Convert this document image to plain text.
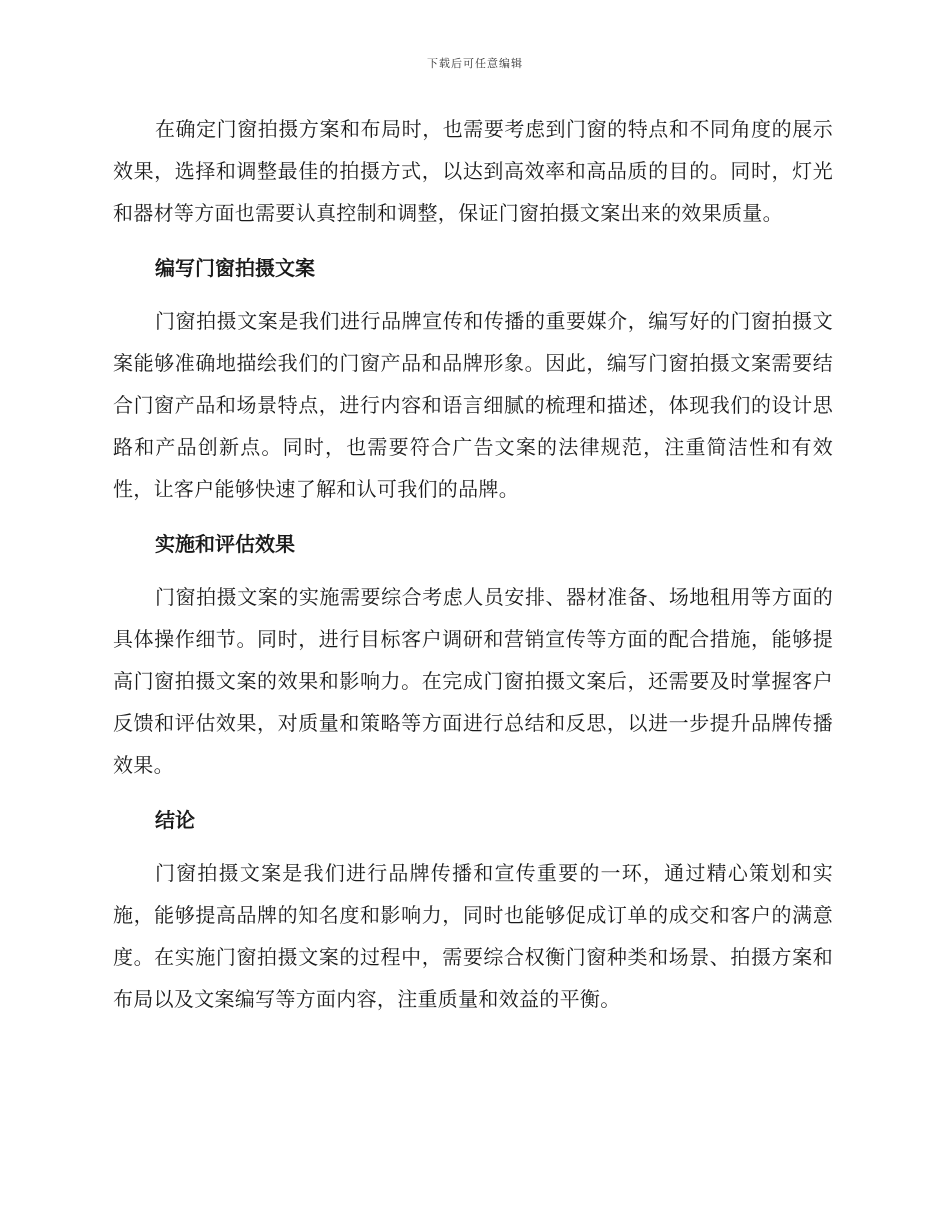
下载后可任意编辑

在确定门窗拍摄方案和布局时，也需要考虑到门窗的特点和不同角度的展示效果，选择和调整最佳的拍摄方式，以达到高效率和高品质的目的。同时，灯光和器材等方面也需要认真控制和调整，保证门窗拍摄文案出来的效果质量。

编写门窗拍摄文案

门窗拍摄文案是我们进行品牌宣传和传播的重要媒介，编写好的门窗拍摄文案能够准确地描绘我们的门窗产品和品牌形象。因此，编写门窗拍摄文案需要结合门窗产品和场景特点，进行内容和语言细腻的梳理和描述，体现我们的设计思路和产品创新点。同时，也需要符合广告文案的法律规范，注重简洁性和有效性，让客户能够快速了解和认可我们的品牌。

实施和评估效果

门窗拍摄文案的实施需要综合考虑人员安排、器材准备、场地租用等方面的具体操作细节。同时，进行目标客户调研和营销宣传等方面的配合措施，能够提高门窗拍摄文案的效果和影响力。在完成门窗拍摄文案后，还需要及时掌握客户反馈和评估效果，对质量和策略等方面进行总结和反思，以进一步提升品牌传播效果。

结论

门窗拍摄文案是我们进行品牌传播和宣传重要的一环，通过精心策划和实施，能够提高品牌的知名度和影响力，同时也能够促成订单的成交和客户的满意度。在实施门窗拍摄文案的过程中，需要综合权衡门窗种类和场景、拍摄方案和布局以及文案编写等方面内容，注重质量和效益的平衡。
